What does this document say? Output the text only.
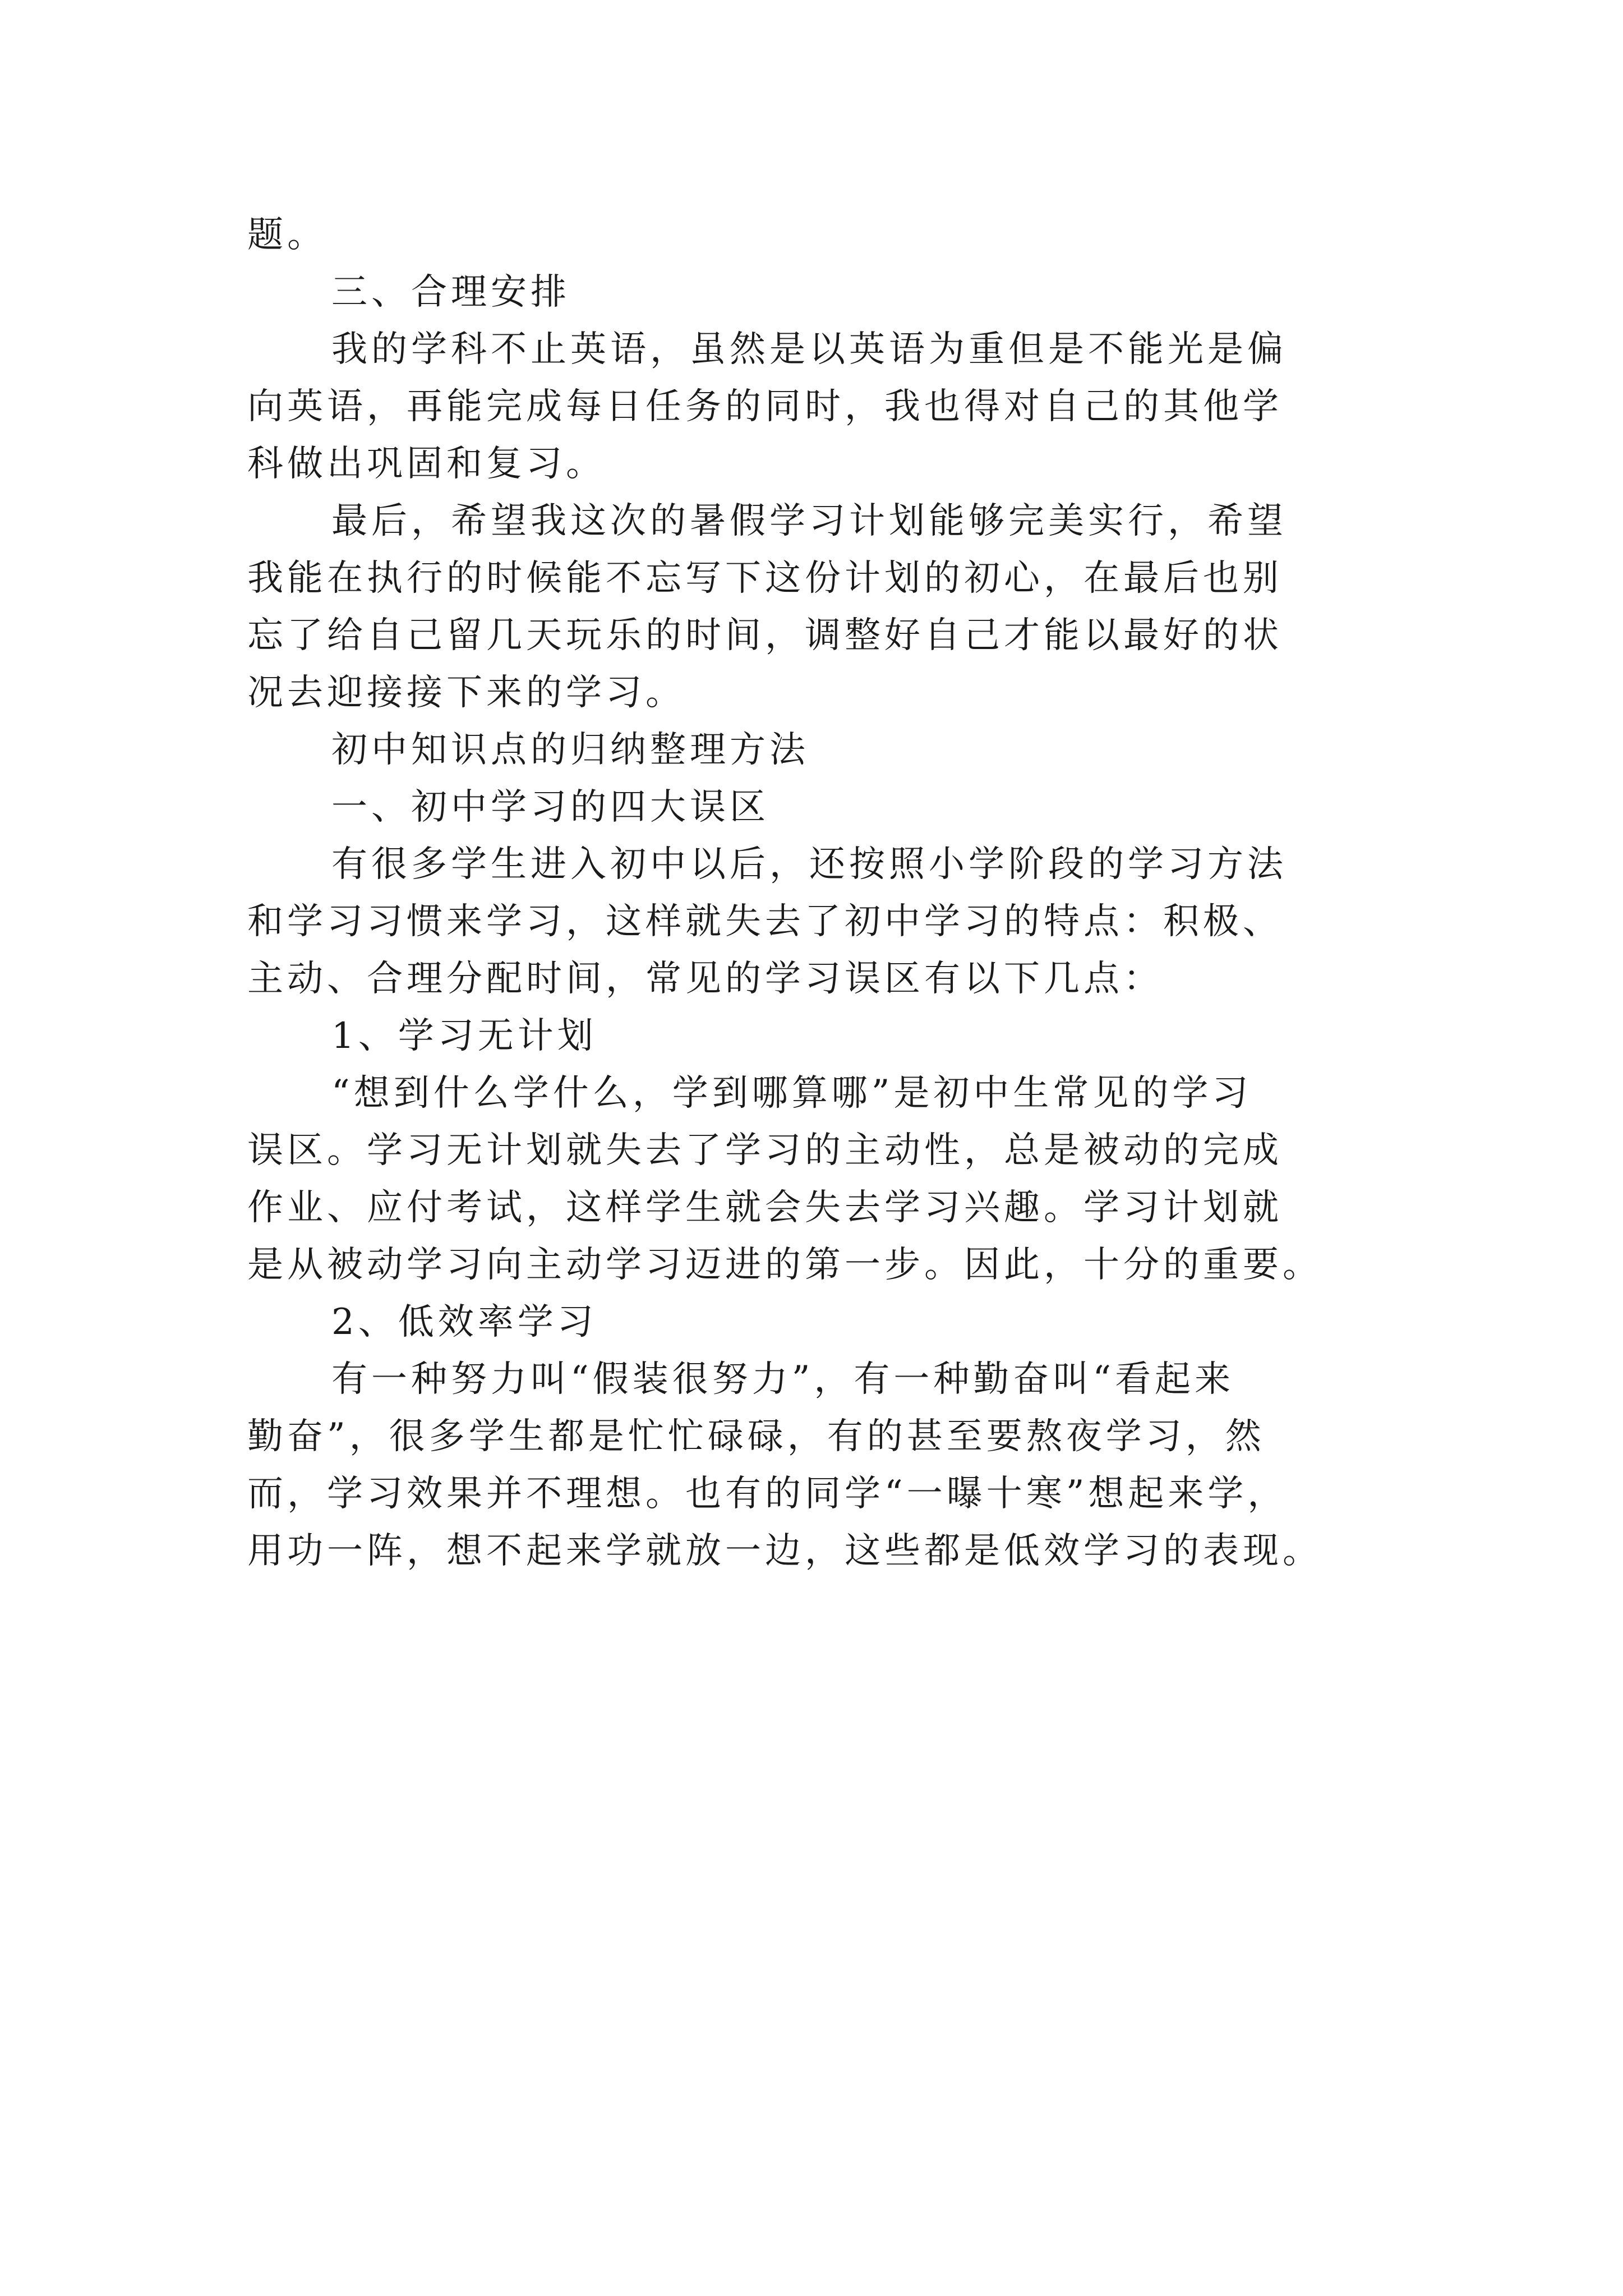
题。
三、合理安排
我的学科不止英语，虽然是以英语为重但是不能光是偏
向英语，再能完成每日任务的同时，我也得对自己的其他学
科做出巩固和复习。
最后，希望我这次的暑假学习计划能够完美实行，希望
我能在执行的时候能不忘写下这份计划的初心，在最后也别
忘了给自己留几天玩乐的时间，调整好自己才能以最好的状
况去迎接接下来的学习。
初中知识点的归纳整理方法
一、初中学习的四大误区
有很多学生进入初中以后，还按照小学阶段的学习方法
和学习习惯来学习，这样就失去了初中学习的特点：积极、
主动、合理分配时间，常见的学习误区有以下几点：
1、学习无计划
“想到什么学什么，学到哪算哪”是初中生常见的学习
误区。学习无计划就失去了学习的主动性，总是被动的完成
作业、应付考试，这样学生就会失去学习兴趣。学习计划就
是从被动学习向主动学习迈进的第一步。因此，十分的重要。
2、低效率学习
有一种努力叫“假装很努力”，有一种勤奋叫“看起来
勤奋”，很多学生都是忙忙碌碌，有的甚至要熬夜学习，然
而，学习效果并不理想。也有的同学“一曝十寒”想起来学，
用功一阵，想不起来学就放一边，这些都是低效学习的表现。
